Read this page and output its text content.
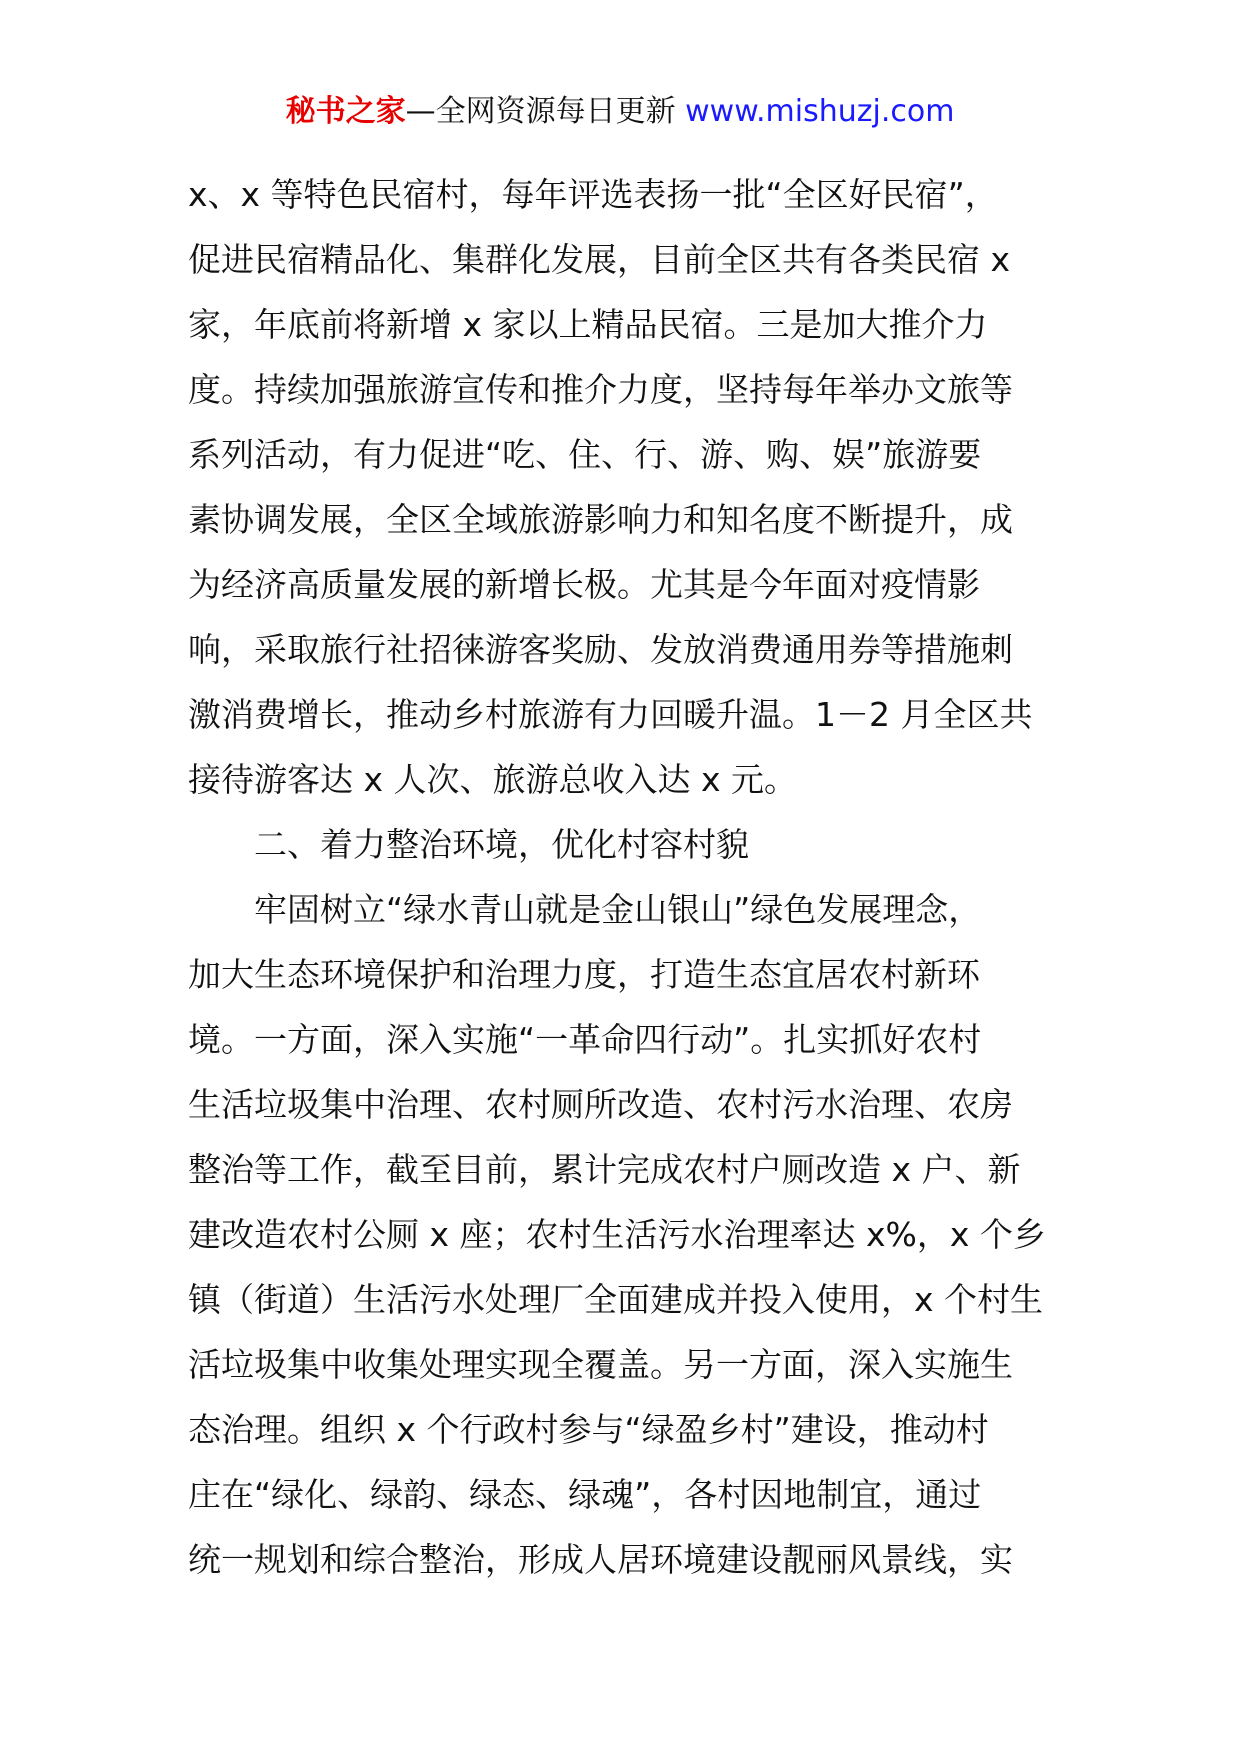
秘书之家—全网资源每日更新 www.mishuzj.com
x、x 等特色民宿村，每年评选表扬一批“全区好民宿”，
促进民宿精品化、集群化发展，目前全区共有各类民宿 x
家，年底前将新增 x 家以上精品民宿。三是加大推介力
度。持续加强旅游宣传和推介力度，坚持每年举办文旅等
系列活动，有力促进“吃、住、行、游、购、娱”旅游要
素协调发展，全区全域旅游影响力和知名度不断提升，成
为经济高质量发展的新增长极。尤其是今年面对疫情影
响，采取旅行社招徕游客奖励、发放消费通用券等措施刺
激消费增长，推动乡村旅游有力回暖升温。1－2 月全区共
接待游客达 x 人次、旅游总收入达 x 元。
二、着力整治环境，优化村容村貌
牢固树立“绿水青山就是金山银山”绿色发展理念，
加大生态环境保护和治理力度，打造生态宜居农村新环
境。一方面，深入实施“一革命四行动”。扎实抓好农村
生活垃圾集中治理、农村厕所改造、农村污水治理、农房
整治等工作，截至目前，累计完成农村户厕改造 x 户、新
建改造农村公厕 x 座；农村生活污水治理率达 x%，x 个乡
镇（街道）生活污水处理厂全面建成并投入使用，x 个村生
活垃圾集中收集处理实现全覆盖。另一方面，深入实施生
态治理。组织 x 个行政村参与“绿盈乡村”建设，推动村
庄在“绿化、绿韵、绿态、绿魂”，各村因地制宜，通过
统一规划和综合整治，形成人居环境建设靓丽风景线，实
